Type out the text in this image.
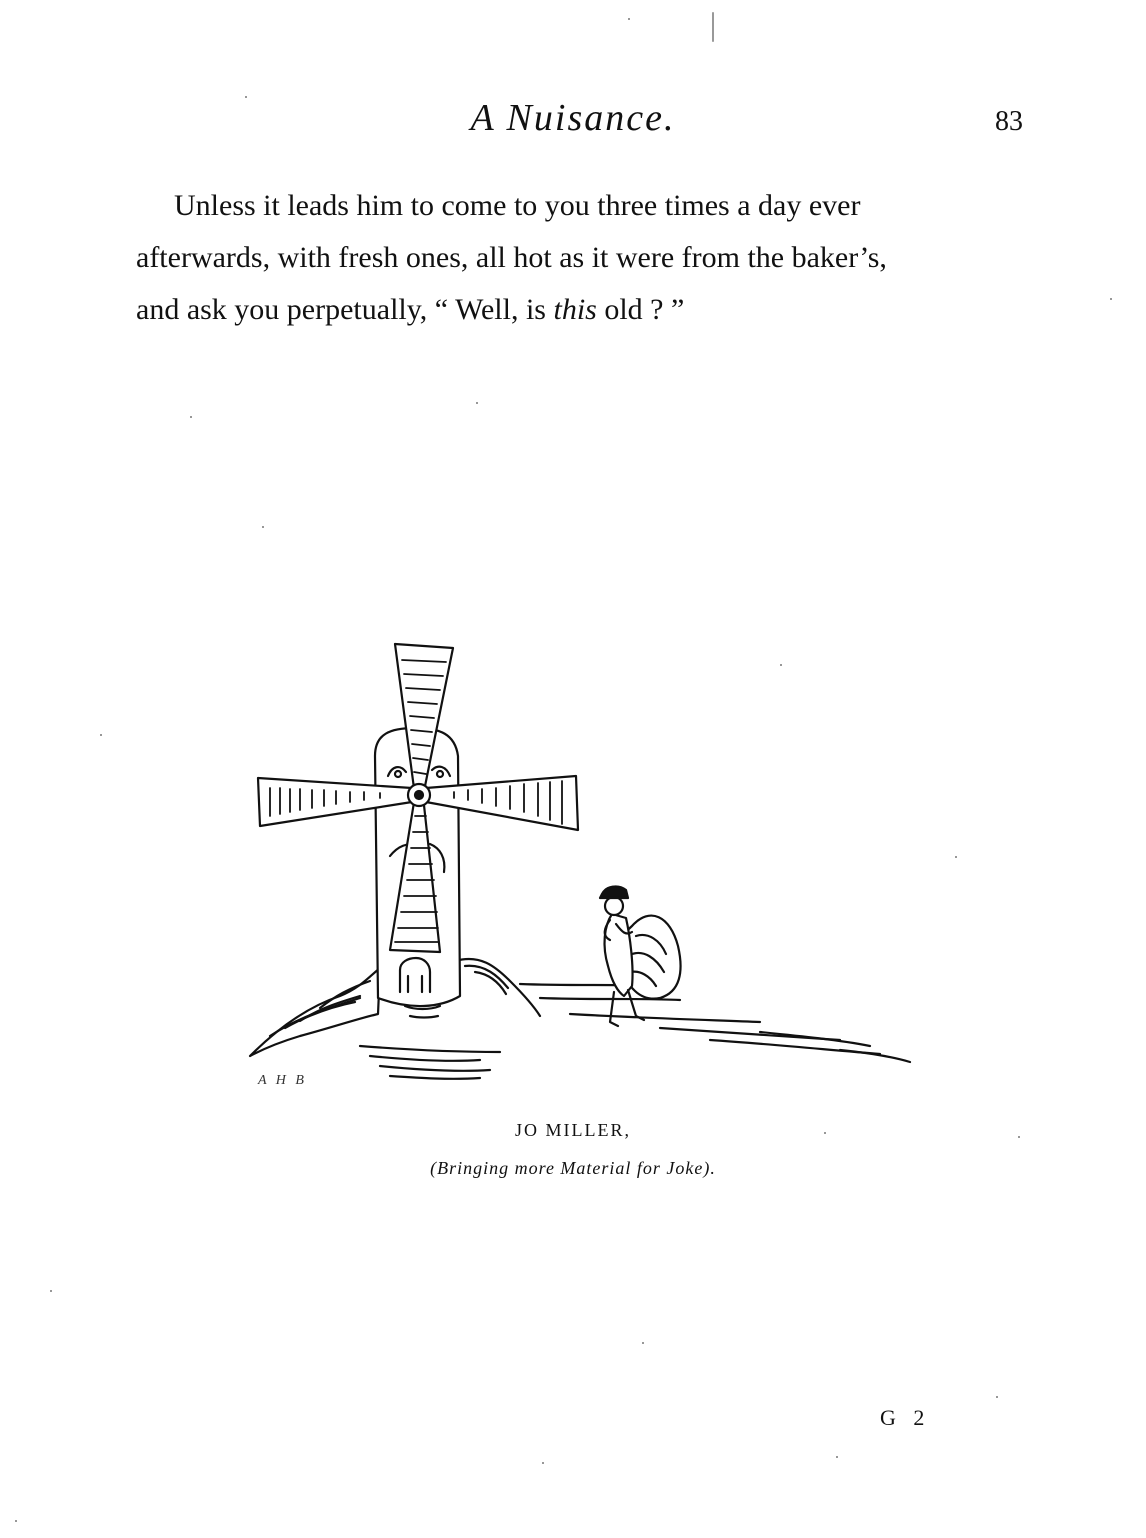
A Nuisance.	83
Unless it leads him to come to you three times a day ever
afterwards, with fresh ones, all hot as it were from the baker’s,
and ask you perpetually, “ Well, is this old ? ”
A H B
JO MILLER,
(Bringing more Material for Joke).
G 2
